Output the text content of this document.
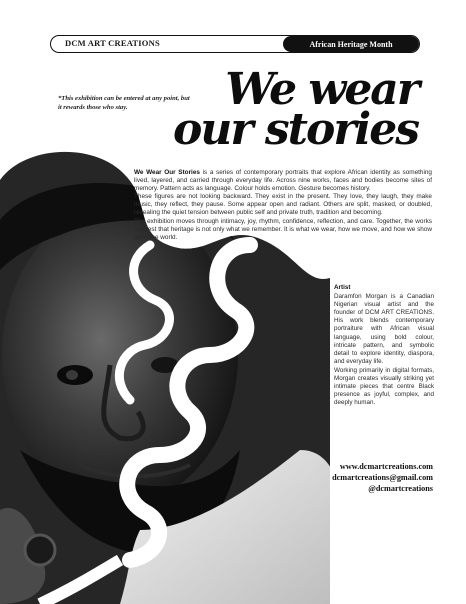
DCM ART CREATIONS	African Heritage Month
*This exhibition can be entered at any point, but it rewards those who stay.	We wear
our stories

We Wear Our Stories is a series of contemporary portraits that explore African identity as something lived, layered, and carried through everyday life. Across nine works, faces and bodies become sites of memory. Pattern acts as language. Colour holds emotion. Gesture becomes history.

These figures are not looking backward. They exist in the present. They love, they laugh, they make music, they reflect, they pause. Some appear open and radiant. Others are split, masked, or doubled, revealing the quiet tension between public self and private truth, tradition and becoming.

The exhibition moves through intimacy, joy, rhythm, confidence, reflection, and care. Together, the works suggest that heritage is not only what we remember. It is what we wear, how we move, and how we show up in the world.

Artist

Daramfon Morgan is a Canadian Nigerian visual artist and the founder of DCM ART CREATIONS. His work blends contemporary portraiture with African visual language, using bold colour, intricate pattern, and symbolic detail to explore identity, diaspora, and everyday life.

Working primarily in digital formats, Morgan creates visually striking yet intimate pieces that centre Black presence as joyful, complex, and deeply human.

www.dcmartcreations.com
dcmartcreations@gmail.com
@dcmartcreations
